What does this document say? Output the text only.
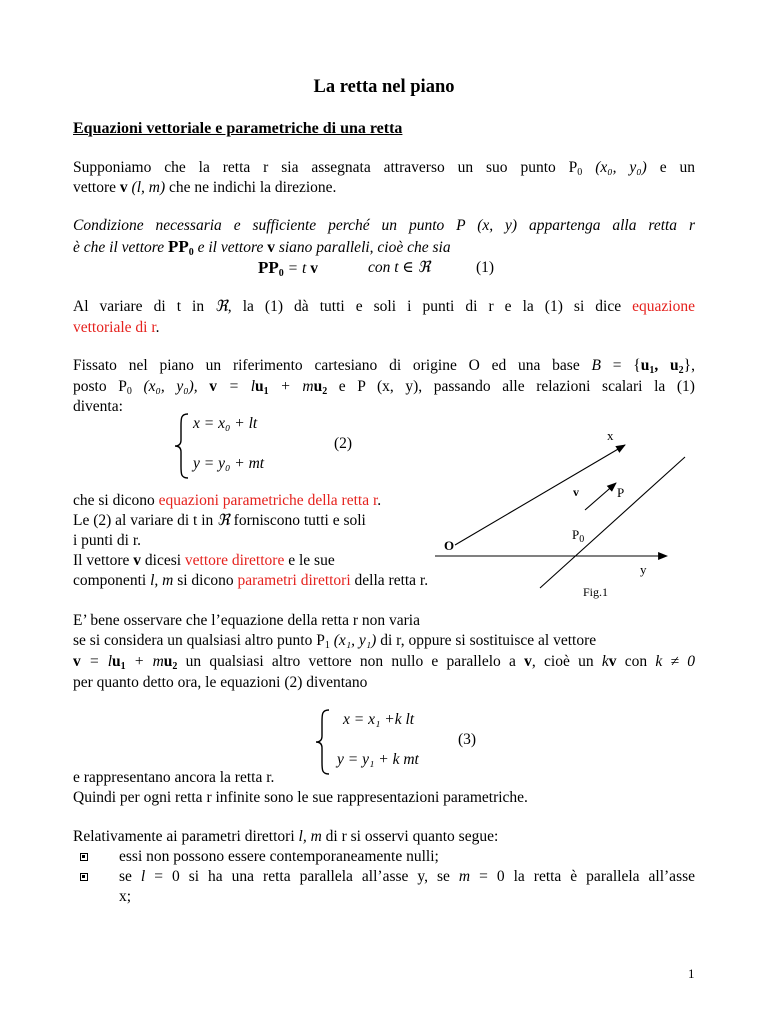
La retta nel piano
Equazioni vettoriale e parametriche di una retta
Supponiamo che la retta r sia assegnata attraverso un suo punto $P_0$ (x₀, y₀) e un
vettore v (l, m) che ne indichi la direzione.
Condizione necessaria e sufficiente perché un punto P (x, y) appartenga alla retta r
è che il vettore $PP_0$ e il vettore v siano paralleli, cioè che sia
$PP_0 = t$ v	con t ∈ ℜ	(1)
Al variare di t in ℜ, la (1) dà tutti e soli i punti di r e la (1) si dice equazione
vettoriale di r.
Fissato nel piano un riferimento cartesiano di origine O ed una base $B = \{u_1$, $u_2$},
posto $P_0$ (x₀, y₀), $v = lu_1 + mu_2$ e P (x, y), passando alle relazioni scalari la (1)
diventa:
x = x₀ + lt
y = y₀ + mt
(2)
che si dicono equazioni parametriche della retta r.
Le (2) al variare di t in ℜ forniscono tutti e soli
i punti di r.
Il vettore v dicesi vettore direttore e le sue
componenti l, m si dicono parametri direttori della retta r.
x
v	P
$P_0$
O
y
Fig.1
E’ bene osservare che l’equazione della retta r non varia
se si considera un qualsiasi altro punto $P_1$ (x₁, y₁) di r, oppure si sostituisce al vettore
$v = lu_1 + mu_2$ un qualsiasi altro vettore non nullo e parallelo a v, cioè un kv con k ≠ 0
per quanto detto ora, le equazioni (2) diventano
x = x₁ +k lt
y = y₁ + k mt
(3)
e rappresentano ancora la retta r.
Quindi per ogni retta r infinite sono le sue rappresentazioni parametriche.
Relativamente ai parametri direttori l, m di r si osservi quanto segue:
essi non possono essere contemporaneamente nulli;
se l = 0 si ha una retta parallela all’asse y, se m = 0 la retta è parallela all’asse
x;
1
